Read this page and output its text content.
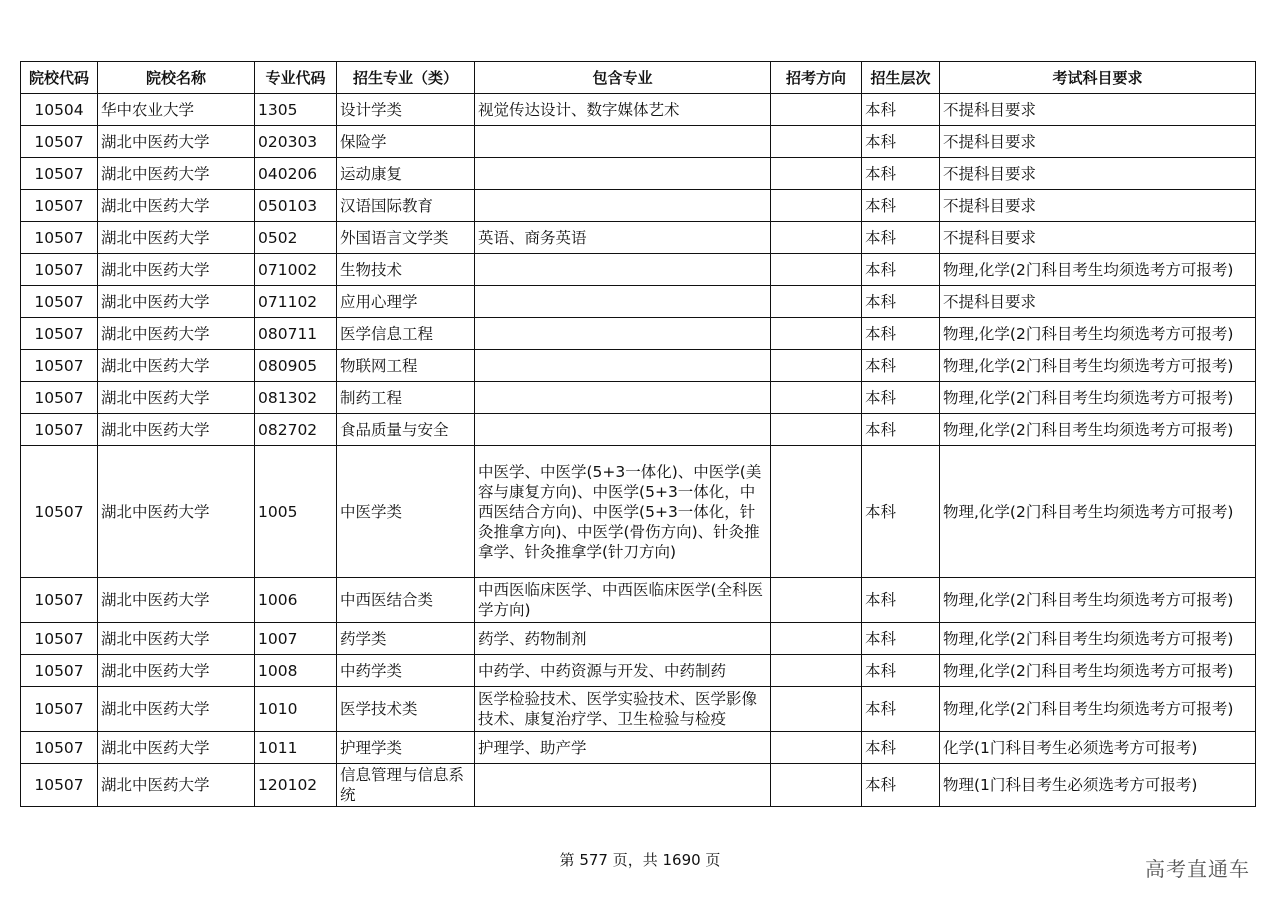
院校代码	院校名称	专业代码	招生专业（类）	包含专业	招考方向	招生层次	考试科目要求
10504	华中农业大学	1305	设计学类	视觉传达设计、数字媒体艺术		本科	不提科目要求
10507	湖北中医药大学	020303	保险学			本科	不提科目要求
10507	湖北中医药大学	040206	运动康复			本科	不提科目要求
10507	湖北中医药大学	050103	汉语国际教育			本科	不提科目要求
10507	湖北中医药大学	0502	外国语言文学类	英语、商务英语		本科	不提科目要求
10507	湖北中医药大学	071002	生物技术			本科	物理,化学(2门科目考生均须选考方可报考)
10507	湖北中医药大学	071102	应用心理学			本科	不提科目要求
10507	湖北中医药大学	080711	医学信息工程			本科	物理,化学(2门科目考生均须选考方可报考)
10507	湖北中医药大学	080905	物联网工程			本科	物理,化学(2门科目考生均须选考方可报考)
10507	湖北中医药大学	081302	制药工程			本科	物理,化学(2门科目考生均须选考方可报考)
10507	湖北中医药大学	082702	食品质量与安全			本科	物理,化学(2门科目考生均须选考方可报考)
10507	湖北中医药大学	1005	中医学类	中医学、中医学(5+3一体化)、中医学(美容与康复方向)、中医学(5+3一体化，中西医结合方向)、中医学(5+3一体化，针灸推拿方向)、中医学(骨伤方向)、针灸推拿学、针灸推拿学(针刀方向)		本科	物理,化学(2门科目考生均须选考方可报考)
10507	湖北中医药大学	1006	中西医结合类	中西医临床医学、中西医临床医学(全科医学方向)		本科	物理,化学(2门科目考生均须选考方可报考)
10507	湖北中医药大学	1007	药学类	药学、药物制剂		本科	物理,化学(2门科目考生均须选考方可报考)
10507	湖北中医药大学	1008	中药学类	中药学、中药资源与开发、中药制药		本科	物理,化学(2门科目考生均须选考方可报考)
10507	湖北中医药大学	1010	医学技术类	医学检验技术、医学实验技术、医学影像技术、康复治疗学、卫生检验与检疫		本科	物理,化学(2门科目考生均须选考方可报考)
10507	湖北中医药大学	1011	护理学类	护理学、助产学		本科	化学(1门科目考生必须选考方可报考)
10507	湖北中医药大学	120102	信息管理与信息系统			本科	物理(1门科目考生必须选考方可报考)
第 577 页，共 1690 页	高考直通车
